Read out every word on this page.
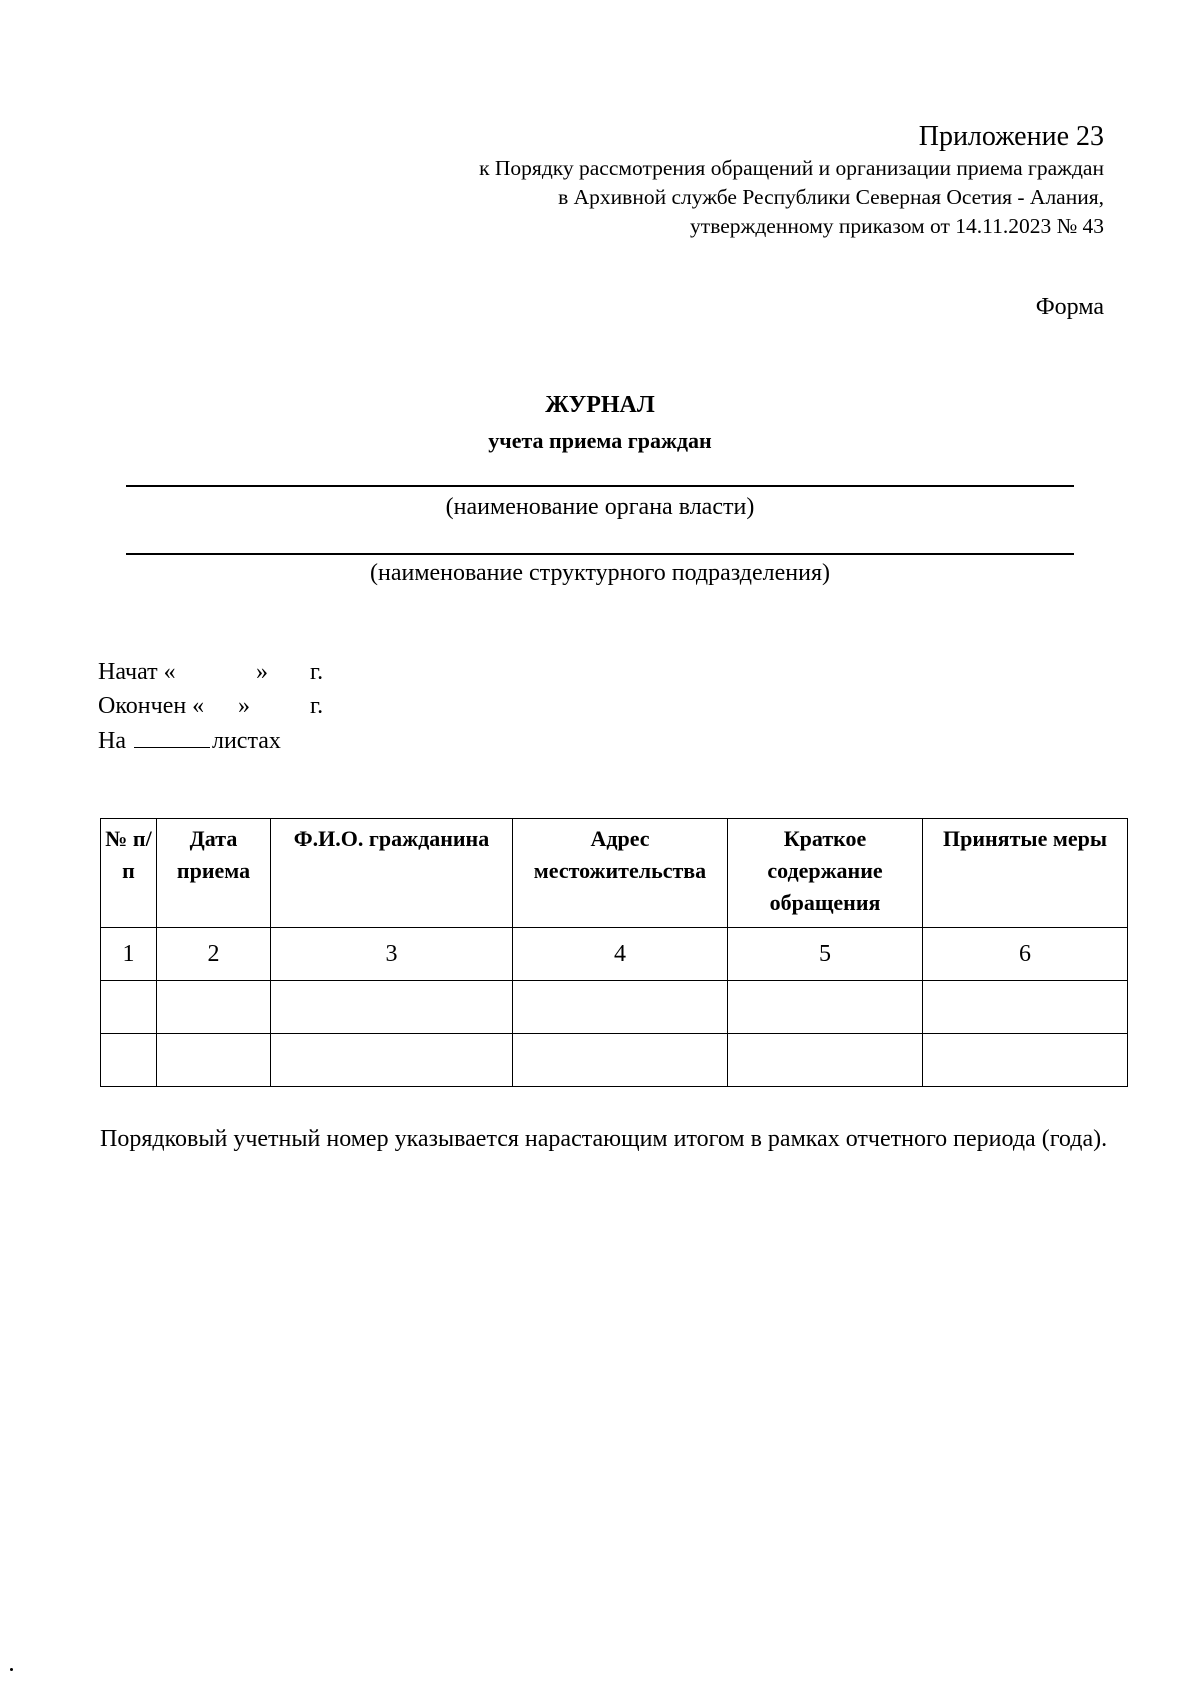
Приложение 23
к Порядку рассмотрения обращений и организации приема граждан
в Архивной службе Республики Северная Осетия - Алания,
утвержденному приказом от 14.11.2023 № 43
Форма
ЖУРНАЛ
учета приема граждан
(наименование органа власти)
(наименование структурного подразделения)
Начат «	» г.
Окончен « »	г.
На	листах
№ п/п	Дата приема	Ф.И.О. гражданина	Адрес местожительства	Краткое содержание обращения	Принятые меры
1	2	3	4	5	6

Порядковый учетный номер указывается нарастающим итогом в рамках отчетного периода (года).
